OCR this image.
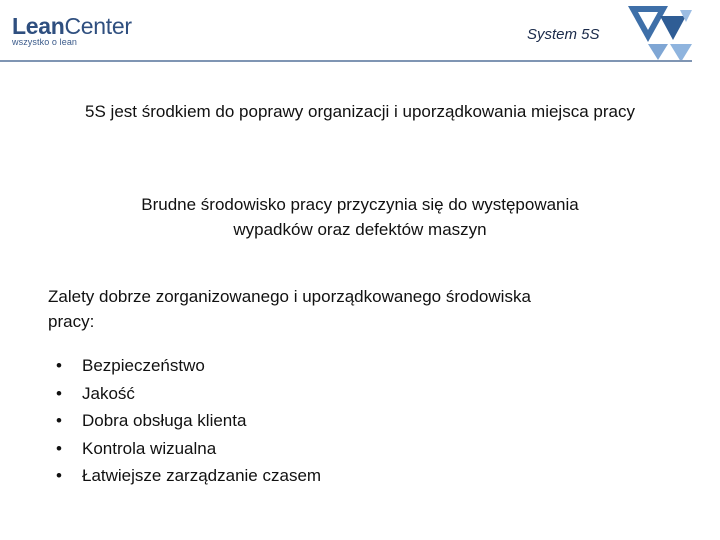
LeanCenter
wszystko o lean	System 5S
5S jest środkiem do poprawy organizacji i uporządkowania miejsca pracy
Brudne środowisko pracy przyczynia się do występowania wypadków oraz defektów maszyn
Zalety dobrze zorganizowanego i uporządkowanego środowiska pracy:
•	Bezpieczeństwo
•	Jakość
•	Dobra obsługa klienta
•	Kontrola wizualna
•	Łatwiejsze zarządzanie czasem
